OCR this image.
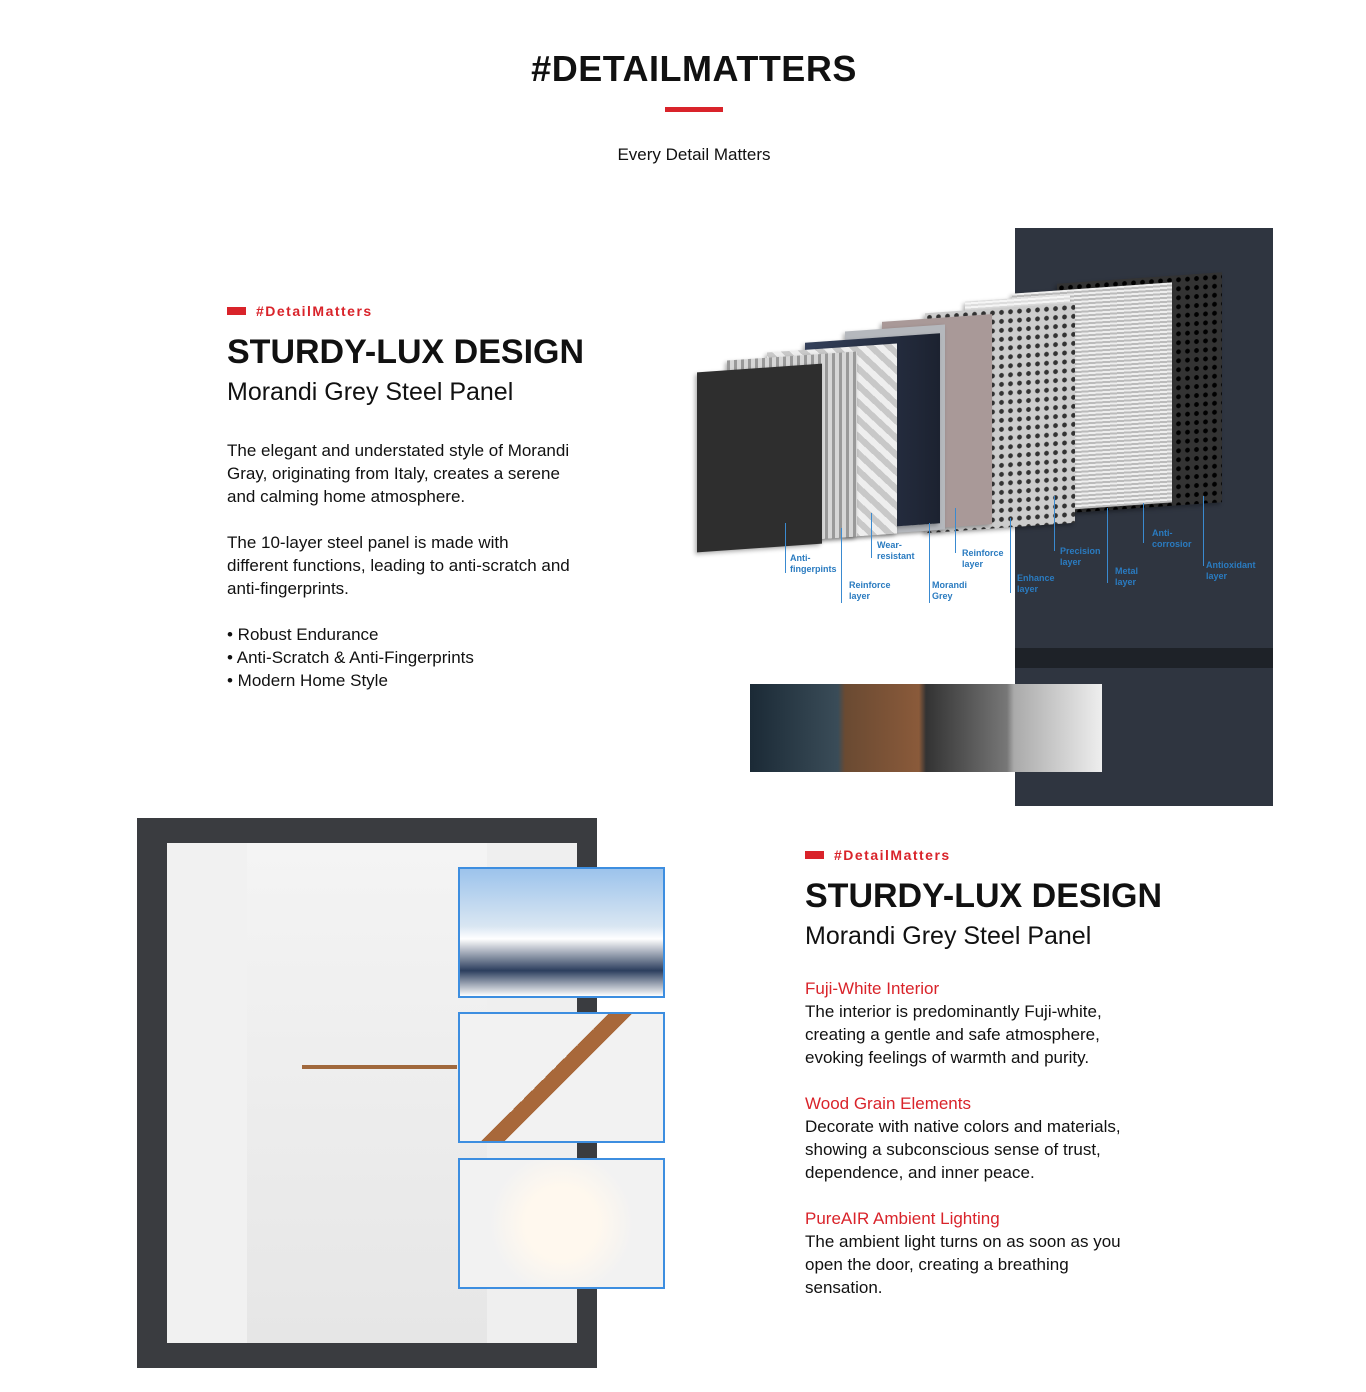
#DETAILMATTERS
Every Detail Matters
#DetailMatters
STURDY-LUX DESIGN
Morandi Grey Steel Panel
The elegant and understated style of Morandi Gray, originating from Italy, creates a serene and calming home atmosphere.
The 10-layer steel panel is made with different functions, leading to anti-scratch and anti-fingerprints.
• Robust Endurance
• Anti-Scratch & Anti-Fingerprints
• Modern Home Style
Anti-fingerpints
Reinforce layer
Wear-resistant
Morandi Grey
Reinforce layer
Enhance layer
Precision layer
Metal layer
Anti-corrosior
Antioxidant layer
#DetailMatters
STURDY-LUX DESIGN
Morandi Grey Steel Panel
Fuji-White Interior
The interior is predominantly Fuji-white, creating a gentle and safe atmosphere, evoking feelings of warmth and purity.
Wood Grain Elements
Decorate with native colors and materials, showing a subconscious sense of trust, dependence, and inner peace.
PureAIR Ambient Lighting
The ambient light turns on as soon as you open the door, creating a breathing sensation.
